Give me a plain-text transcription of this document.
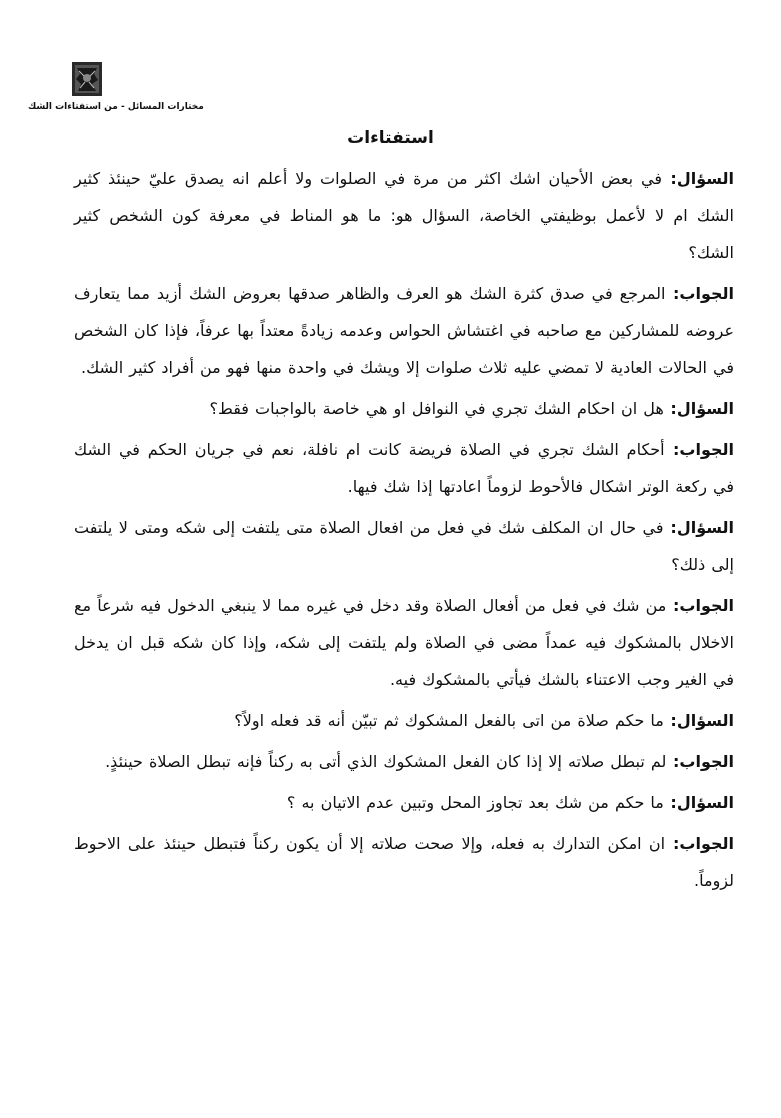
مختارات المسائل - من استفتاءات الشك
استفتاءات

السؤال: في بعض الأحيان اشك اكثر من مرة في الصلوات ولا أعلم انه يصدق عليّ حينئذ كثير الشك ام لا لأعمل بوظيفتي الخاصة، السؤال هو: ما هو المناط في معرفة كون الشخص كثير الشك؟

الجواب: المرجع في صدق كثرة الشك هو العرف والظاهر صدقها بعروض الشك أزيد مما يتعارف عروضه للمشاركين مع صاحبه في اغتشاش الحواس وعدمه زيادةً معتداً بها عرفاً، فإذا كان الشخص في الحالات العادية لا تمضي عليه ثلاث صلوات إلا ويشك في واحدة منها فهو من أفراد كثير الشك.

السؤال: هل ان احكام الشك تجري في النوافل او هي خاصة بالواجبات فقط؟

الجواب: أحكام الشك تجري في الصلاة فريضة كانت ام نافلة، نعم في جريان الحكم في الشك في ركعة الوتر اشكال فالأحوط لزوماً اعادتها إذا شك فيها.

السؤال: في حال ان المكلف شك في فعل من افعال الصلاة متى يلتفت إلى شكه ومتى لا يلتفت إلى ذلك؟

الجواب: من شك في فعل من أفعال الصلاة وقد دخل في غيره مما لا ينبغي الدخول فيه شرعاً مع الاخلال بالمشكوك فيه عمداً مضى في الصلاة ولم يلتفت إلى شكه، وإذا كان شكه قبل ان يدخل في الغير وجب الاعتناء بالشك فيأتي بالمشكوك فيه.

السؤال: ما حكم صلاة من اتى بالفعل المشكوك ثم تبيّن أنه قد فعله اولاً؟

الجواب: لم تبطل صلاته إلا إذا كان الفعل المشكوك الذي أتى به ركناً فإنه تبطل الصلاة حينئذٍ.

السؤال: ما حكم من شك بعد تجاوز المحل وتبين عدم الاتيان به ؟

الجواب: ان امكن التدارك به فعله، وإلا صحت صلاته إلا أن يكون ركناً فتبطل حينئذ على الاحوط لزوماً.
